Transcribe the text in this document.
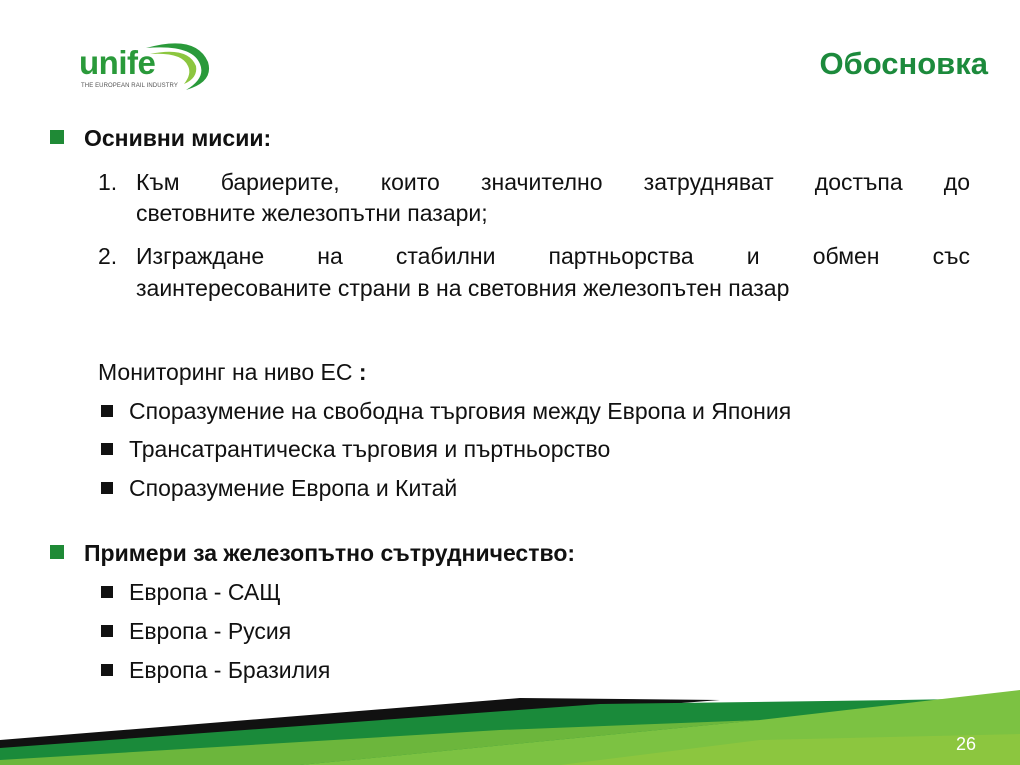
unife
THE EUROPEAN RAIL INDUSTRY
Обосновка
Оснивни мисии:
1. Към бариерите, които значително затрудняват достъпа до
световните железопътни пазари;
2. Изграждане на стабилни партньорства и обмен със
заинтересованите страни в на световния железопътен пазар
Мониторинг на ниво ЕС :
Споразумение на свободна търговия между Европа и Япония
Трансатрантическа търговия и пъртньорство
Споразумение Европа и Китай
Примери за железопътно сътрудничество:
Европа - САЩ
Европа - Русия
Европа - Бразилия
26
